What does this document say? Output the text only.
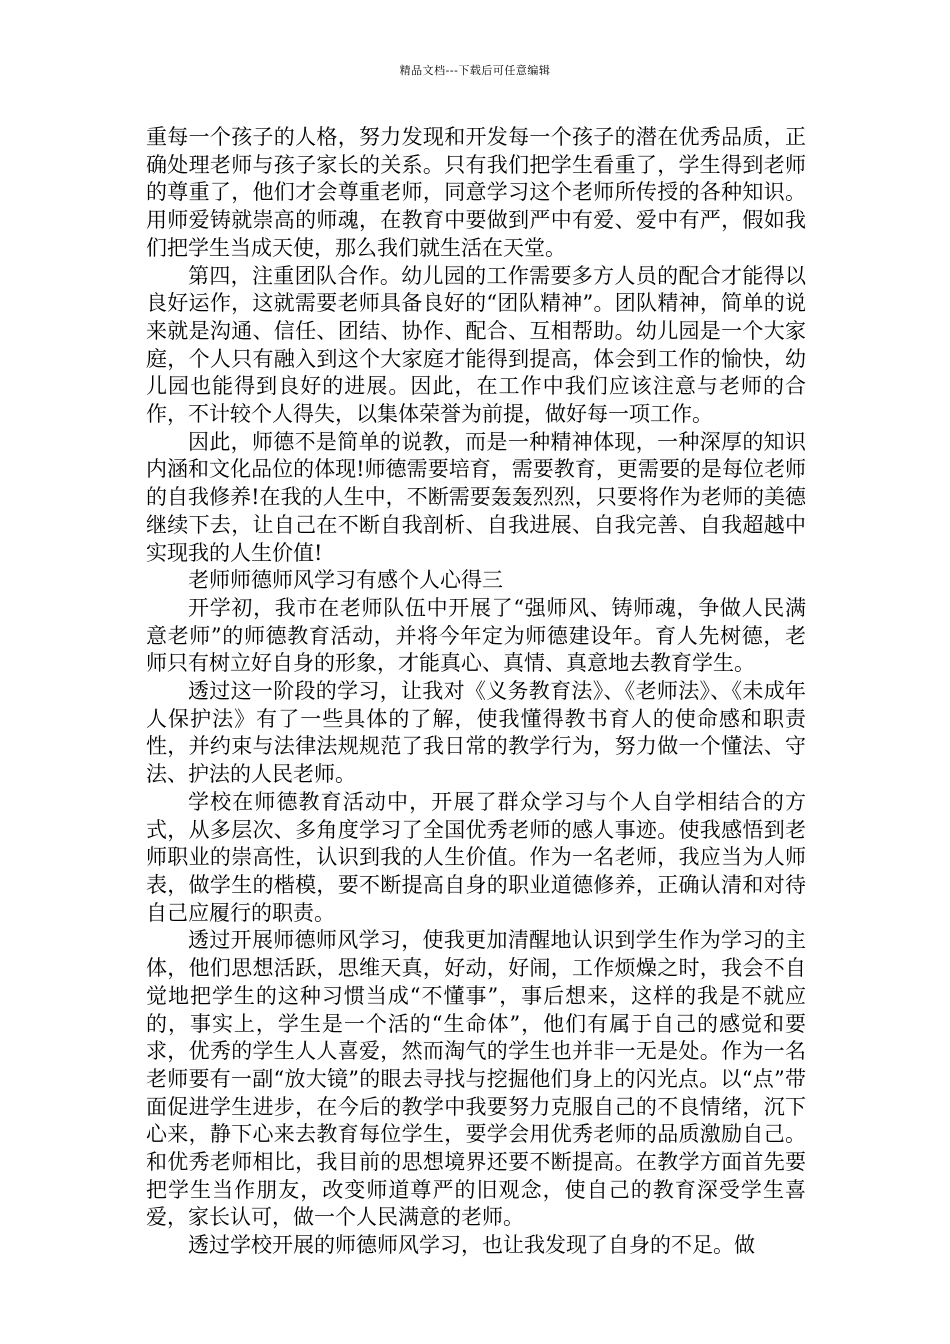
精品文档---下载后可任意编辑

重每一个孩子的人格，努力发现和开发每一个孩子的潜在优秀品质，正确处理老师与孩子家长的关系。只有我们把学生看重了，学生得到老师的尊重了，他们才会尊重老师，同意学习这个老师所传授的各种知识。用师爱铸就崇高的师魂，在教育中要做到严中有爱、爱中有严，假如我们把学生当成天使，那么我们就生活在天堂。

第四，注重团队合作。幼儿园的工作需要多方人员的配合才能得以良好运作，这就需要老师具备良好的“团队精神”。团队精神，简单的说来就是沟通、信任、团结、协作、配合、互相帮助。幼儿园是一个大家庭，个人只有融入到这个大家庭才能得到提高，体会到工作的愉快，幼儿园也能得到良好的进展。因此，在工作中我们应该注意与老师的合作，不计较个人得失，以集体荣誉为前提，做好每一项工作。

因此，师德不是简单的说教，而是一种精神体现，一种深厚的知识内涵和文化品位的体现!师德需要培育，需要教育，更需要的是每位老师的自我修养!在我的人生中，不断需要轰轰烈烈，只要将作为老师的美德继续下去，让自己在不断自我剖析、自我进展、自我完善、自我超越中实现我的人生价值!

老师师德师风学习有感个人心得三

开学初，我市在老师队伍中开展了“强师风、铸师魂，争做人民满意老师”的师德教育活动，并将今年定为师德建设年。育人先树德，老师只有树立好自身的形象，才能真心、真情、真意地去教育学生。

透过这一阶段的学习，让我对《义务教育法》、《老师法》、《未成年人保护法》有了一些具体的了解，使我懂得教书育人的使命感和职责性，并约束与法律法规规范了我日常的教学行为，努力做一个懂法、守法、护法的人民老师。

学校在师德教育活动中，开展了群众学习与个人自学相结合的方式，从多层次、多角度学习了全国优秀老师的感人事迹。使我感悟到老师职业的崇高性，认识到我的人生价值。作为一名老师，我应当为人师表，做学生的楷模，要不断提高自身的职业道德修养，正确认清和对待自己应履行的职责。

透过开展师德师风学习，使我更加清醒地认识到学生作为学习的主体，他们思想活跃，思维天真，好动，好闹，工作烦燥之时，我会不自觉地把学生的这种习惯当成“不懂事”，事后想来，这样的我是不就应的，事实上，学生是一个活的“生命体”，他们有属于自己的感觉和要求，优秀的学生人人喜爱，然而淘气的学生也并非一无是处。作为一名老师要有一副“放大镜”的眼去寻找与挖掘他们身上的闪光点。以“点”带面促进学生进步，在今后的教学中我要努力克服自己的不良情绪，沉下心来，静下心来去教育每位学生，要学会用优秀老师的品质激励自己。和优秀老师相比，我目前的思想境界还要不断提高。在教学方面首先要把学生当作朋友，改变师道尊严的旧观念，使自己的教育深受学生喜爱，家长认可，做一个人民满意的老师。

透过学校开展的师德师风学习，也让我发现了自身的不足。做
